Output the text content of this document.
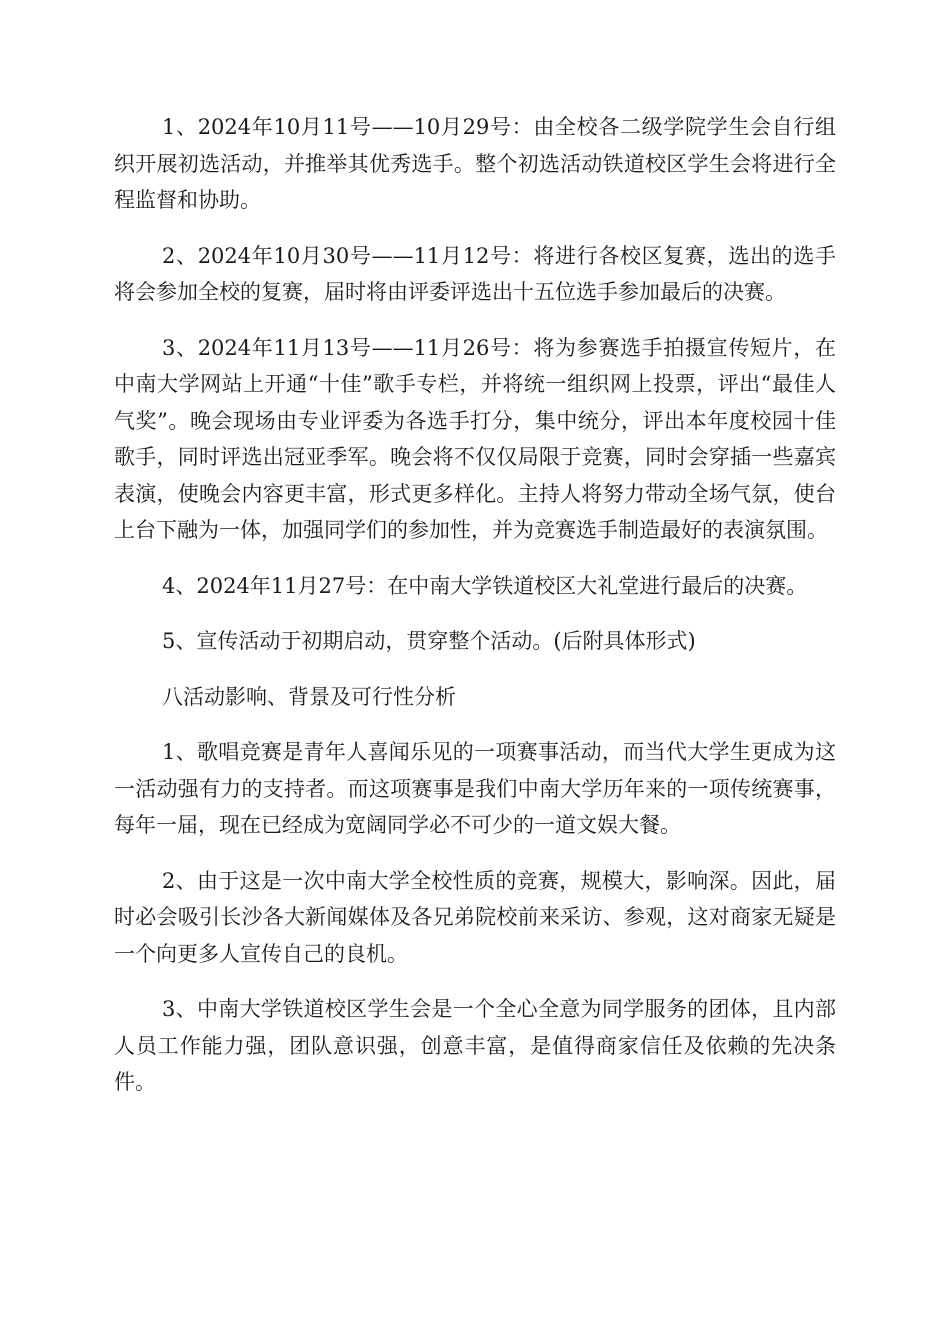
1、2024年10月11号——10月29号：由全校各二级学院学生会自行组织开展初选活动，并推举其优秀选手。整个初选活动铁道校区学生会将进行全程监督和协助。

2、2024年10月30号——11月12号：将进行各校区复赛，选出的选手将会参加全校的复赛，届时将由评委评选出十五位选手参加最后的决赛。

3、2024年11月13号——11月26号：将为参赛选手拍摄宣传短片，在中南大学网站上开通“十佳”歌手专栏，并将统一组织网上投票，评出“最佳人气奖”。晚会现场由专业评委为各选手打分，集中统分，评出本年度校园十佳歌手，同时评选出冠亚季军。晚会将不仅仅局限于竞赛，同时会穿插一些嘉宾表演，使晚会内容更丰富，形式更多样化。主持人将努力带动全场气氛，使台上台下融为一体，加强同学们的参加性，并为竞赛选手制造最好的表演氛围。

4、2024年11月27号：在中南大学铁道校区大礼堂进行最后的决赛。

5、宣传活动于初期启动，贯穿整个活动。(后附具体形式)

八活动影响、背景及可行性分析

1、歌唱竞赛是青年人喜闻乐见的一项赛事活动，而当代大学生更成为这一活动强有力的支持者。而这项赛事是我们中南大学历年来的一项传统赛事，每年一届，现在已经成为宽阔同学必不可少的一道文娱大餐。

2、由于这是一次中南大学全校性质的竞赛，规模大，影响深。因此，届时必会吸引长沙各大新闻媒体及各兄弟院校前来采访、参观，这对商家无疑是一个向更多人宣传自己的良机。

3、中南大学铁道校区学生会是一个全心全意为同学服务的团体，且内部人员工作能力强，团队意识强，创意丰富，是值得商家信任及依赖的先决条件。
